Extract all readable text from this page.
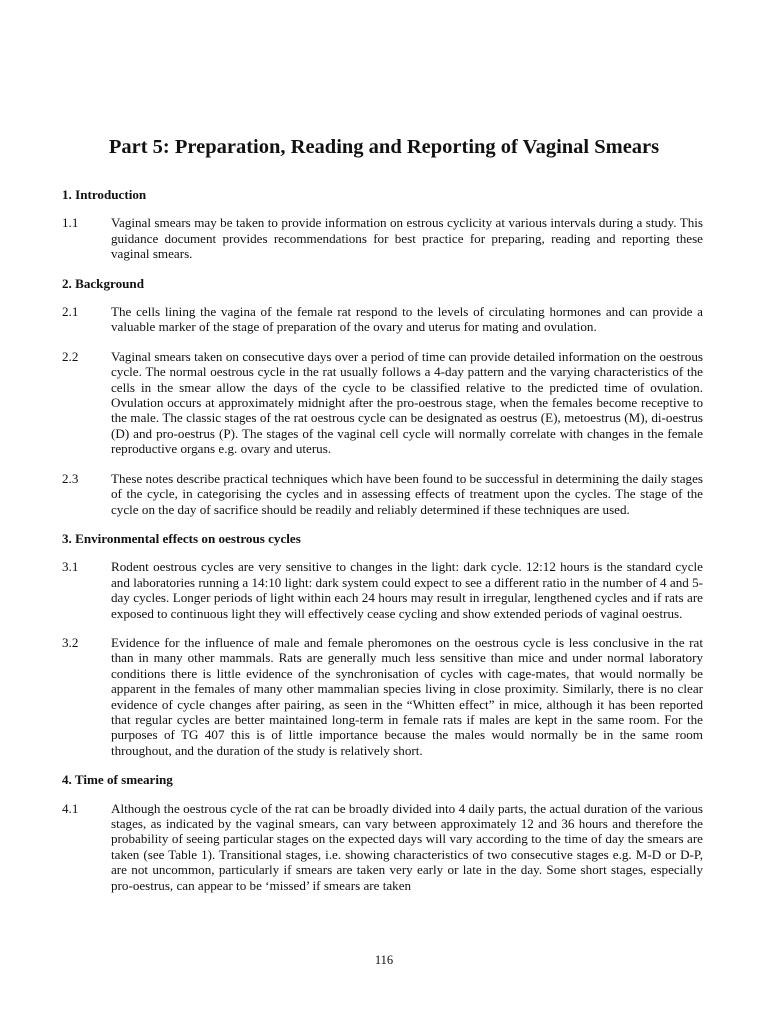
Part 5: Preparation, Reading and Reporting of Vaginal Smears
1. Introduction
1.1	Vaginal smears may be taken to provide information on estrous cyclicity at various intervals during a study. This guidance document provides recommendations for best practice for preparing, reading and reporting these vaginal smears.
2. Background
2.1	The cells lining the vagina of the female rat respond to the levels of circulating hormones and can provide a valuable marker of the stage of preparation of the ovary and uterus for mating and ovulation.
2.2	Vaginal smears taken on consecutive days over a period of time can provide detailed information on the oestrous cycle. The normal oestrous cycle in the rat usually follows a 4-day pattern and the varying characteristics of the cells in the smear allow the days of the cycle to be classified relative to the predicted time of ovulation. Ovulation occurs at approximately midnight after the pro-oestrous stage, when the females become receptive to the male. The classic stages of the rat oestrous cycle can be designated as oestrus (E), metoestrus (M), di-oestrus (D) and pro-oestrus (P). The stages of the vaginal cell cycle will normally correlate with changes in the female reproductive organs e.g. ovary and uterus.
2.3	These notes describe practical techniques which have been found to be successful in determining the daily stages of the cycle, in categorising the cycles and in assessing effects of treatment upon the cycles. The stage of the cycle on the day of sacrifice should be readily and reliably determined if these techniques are used.
3. Environmental effects on oestrous cycles
3.1	Rodent oestrous cycles are very sensitive to changes in the light: dark cycle. 12:12 hours is the standard cycle and laboratories running a 14:10 light: dark system could expect to see a different ratio in the number of 4 and 5-day cycles. Longer periods of light within each 24 hours may result in irregular, lengthened cycles and if rats are exposed to continuous light they will effectively cease cycling and show extended periods of vaginal oestrus.
3.2	Evidence for the influence of male and female pheromones on the oestrous cycle is less conclusive in the rat than in many other mammals. Rats are generally much less sensitive than mice and under normal laboratory conditions there is little evidence of the synchronisation of cycles with cage-mates, that would normally be apparent in the females of many other mammalian species living in close proximity. Similarly, there is no clear evidence of cycle changes after pairing, as seen in the “Whitten effect” in mice, although it has been reported that regular cycles are better maintained long-term in female rats if males are kept in the same room. For the purposes of TG 407 this is of little importance because the males would normally be in the same room throughout, and the duration of the study is relatively short.
4. Time of smearing
4.1	Although the oestrous cycle of the rat can be broadly divided into 4 daily parts, the actual duration of the various stages, as indicated by the vaginal smears, can vary between approximately 12 and 36 hours and therefore the probability of seeing particular stages on the expected days will vary according to the time of day the smears are taken (see Table 1). Transitional stages, i.e. showing characteristics of two consecutive stages e.g. M-D or D-P, are not uncommon, particularly if smears are taken very early or late in the day. Some short stages, especially pro-oestrus, can appear to be ‘missed’ if smears are taken
116
